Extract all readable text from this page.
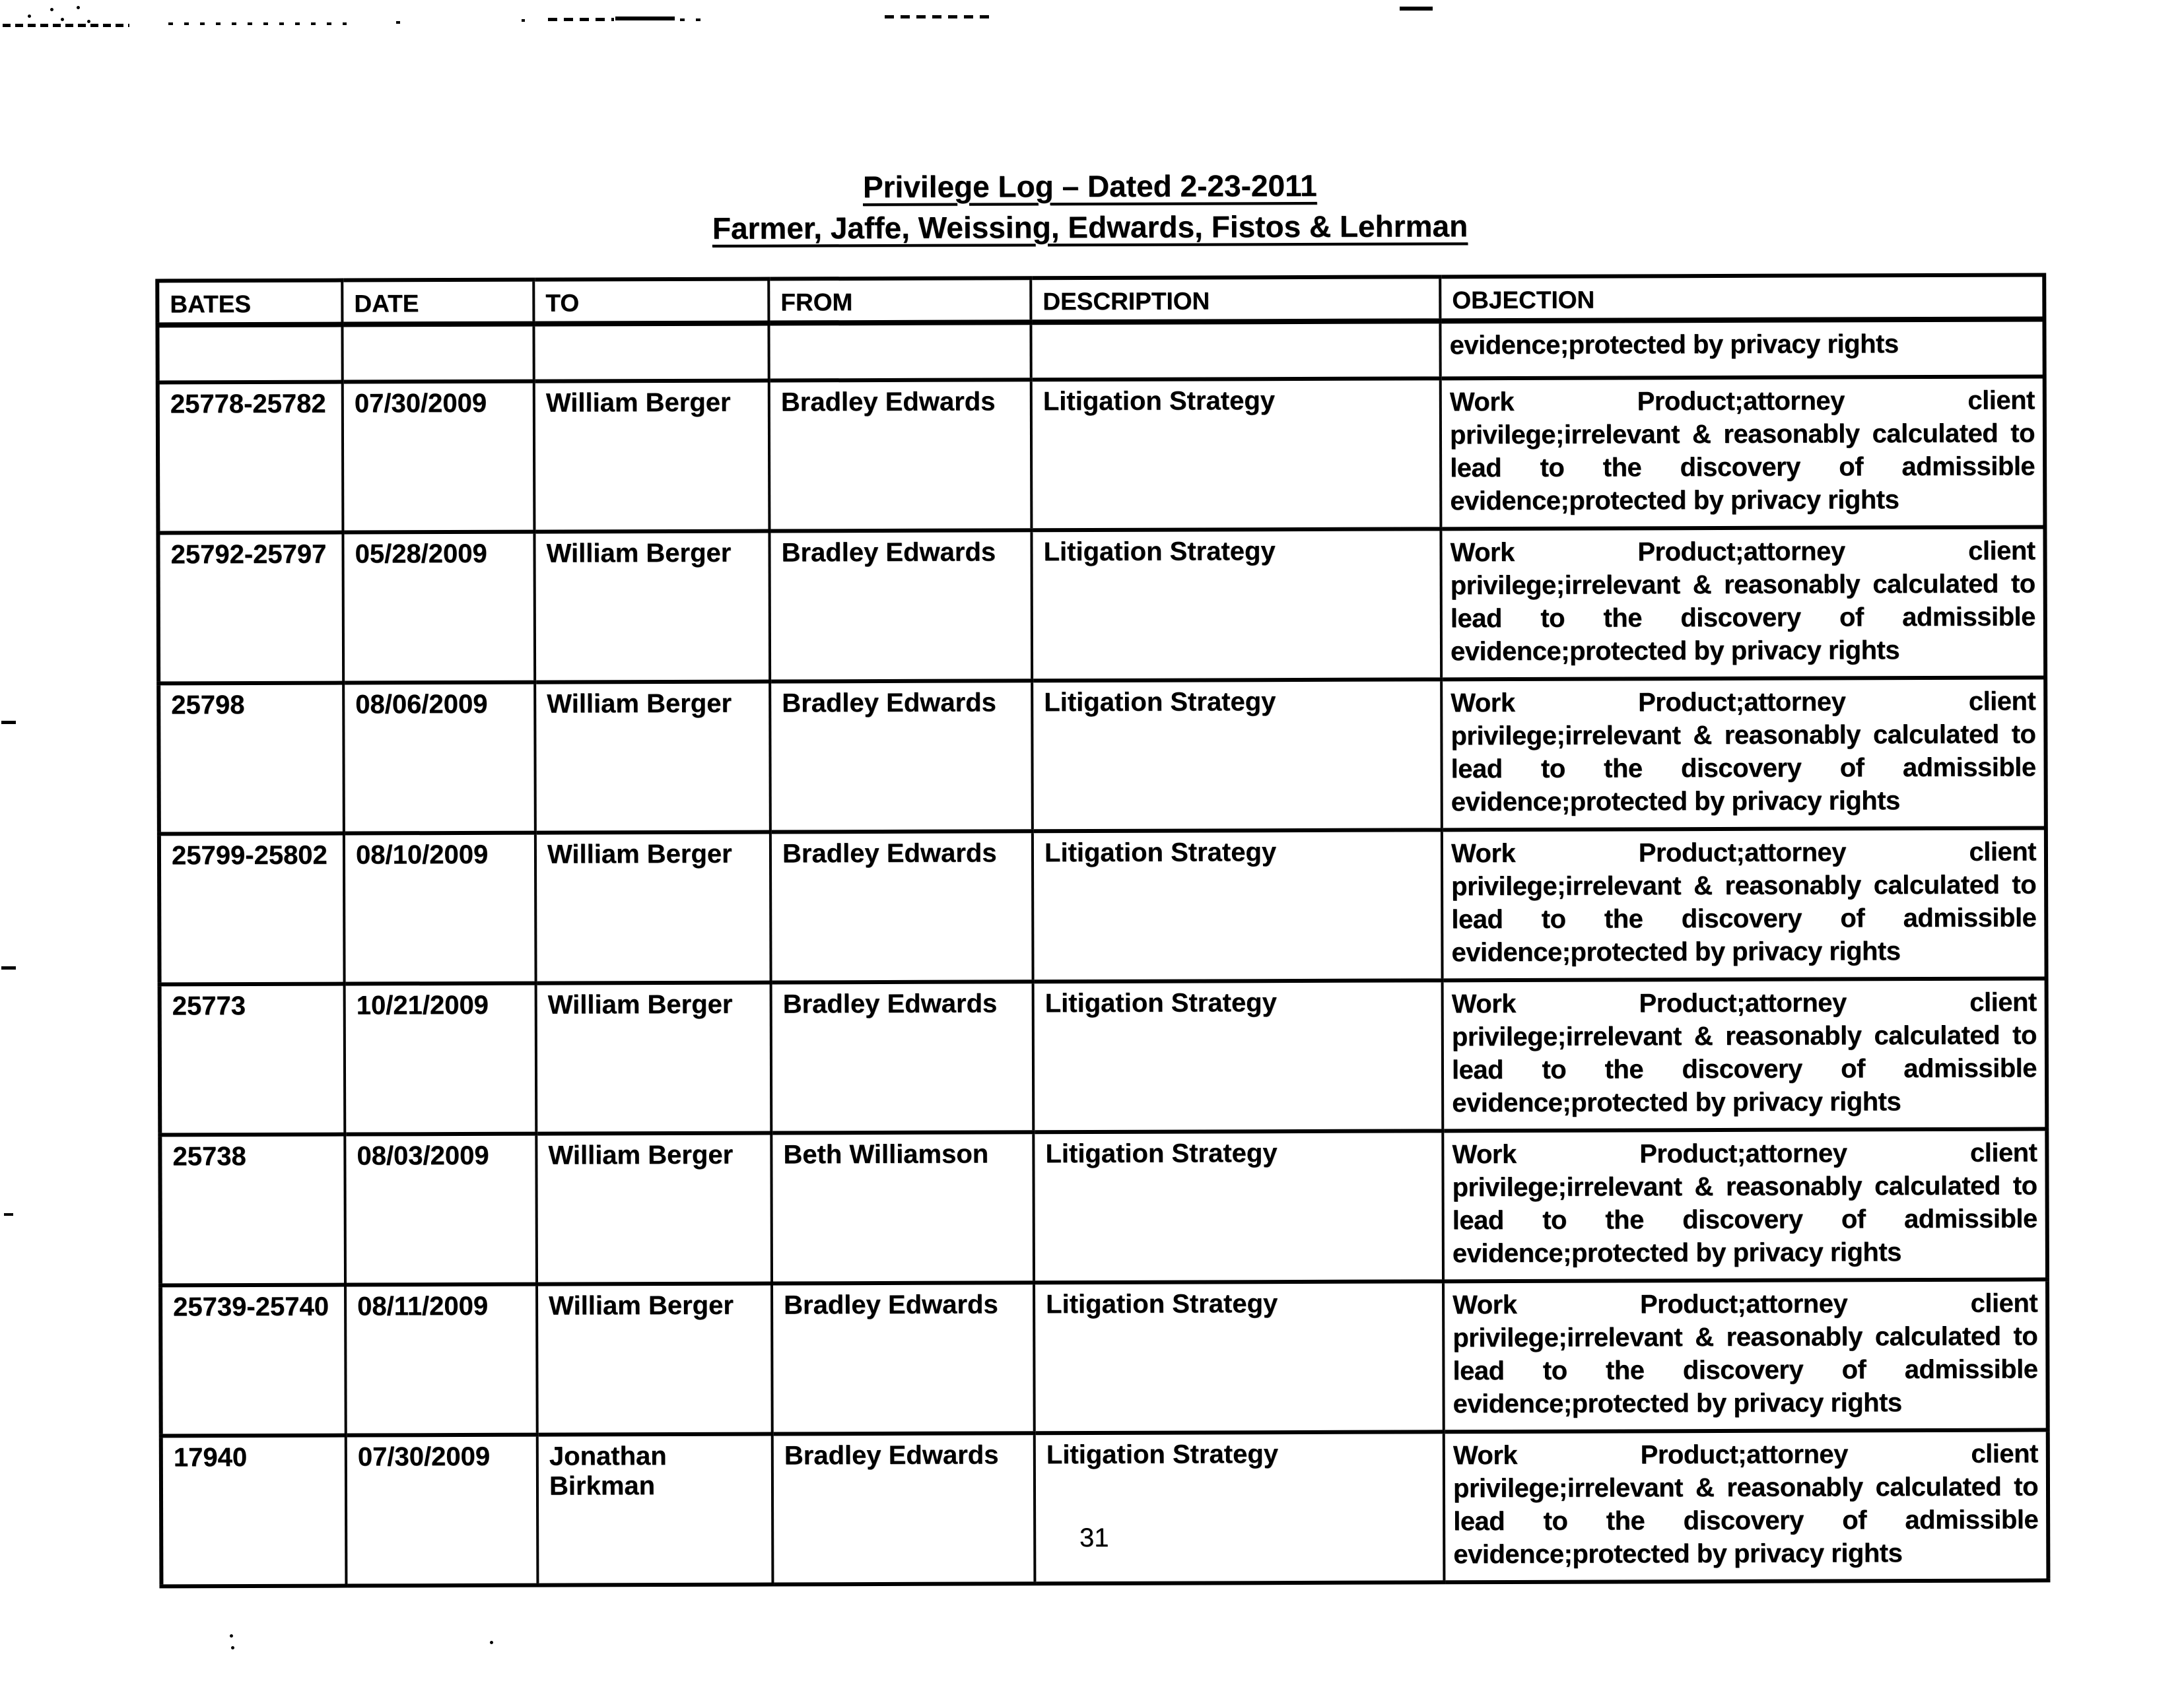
Privilege Log – Dated 2-23-2011
Farmer, Jaffe, Weissing, Edwards, Fistos & Lehrman
BATES	DATE	TO	FROM	DESCRIPTION	OBJECTION

					evidence;protected by privacy rights

25778-25782	07/30/2009	William Berger	Bradley Edwards	Litigation Strategy	Work Product;attorney client
privilege;irrelevant & reasonably calculated to
lead to the discovery of admissible
evidence;protected by privacy rights

25792-25797	05/28/2009	William Berger	Bradley Edwards	Litigation Strategy	Work Product;attorney client
privilege;irrelevant & reasonably calculated to
lead to the discovery of admissible
evidence;protected by privacy rights

25798	08/06/2009	William Berger	Bradley Edwards	Litigation Strategy	Work Product;attorney client
privilege;irrelevant & reasonably calculated to
lead to the discovery of admissible
evidence;protected by privacy rights

25799-25802	08/10/2009	William Berger	Bradley Edwards	Litigation Strategy	Work Product;attorney client
privilege;irrelevant & reasonably calculated to
lead to the discovery of admissible
evidence;protected by privacy rights

25773	10/21/2009	William Berger	Bradley Edwards	Litigation Strategy	Work Product;attorney client
privilege;irrelevant & reasonably calculated to
lead to the discovery of admissible
evidence;protected by privacy rights

25738	08/03/2009	William Berger	Beth Williamson	Litigation Strategy	Work Product;attorney client
privilege;irrelevant & reasonably calculated to
lead to the discovery of admissible
evidence;protected by privacy rights

25739-25740	08/11/2009	William Berger	Bradley Edwards	Litigation Strategy	Work Product;attorney client
privilege;irrelevant & reasonably calculated to
lead to the discovery of admissible
evidence;protected by privacy rights

17940	07/30/2009	Jonathan Birkman	Bradley Edwards	Litigation Strategy	Work Product;attorney client
privilege;irrelevant & reasonably calculated to
lead to the discovery of admissible
evidence;protected by privacy rights
31
